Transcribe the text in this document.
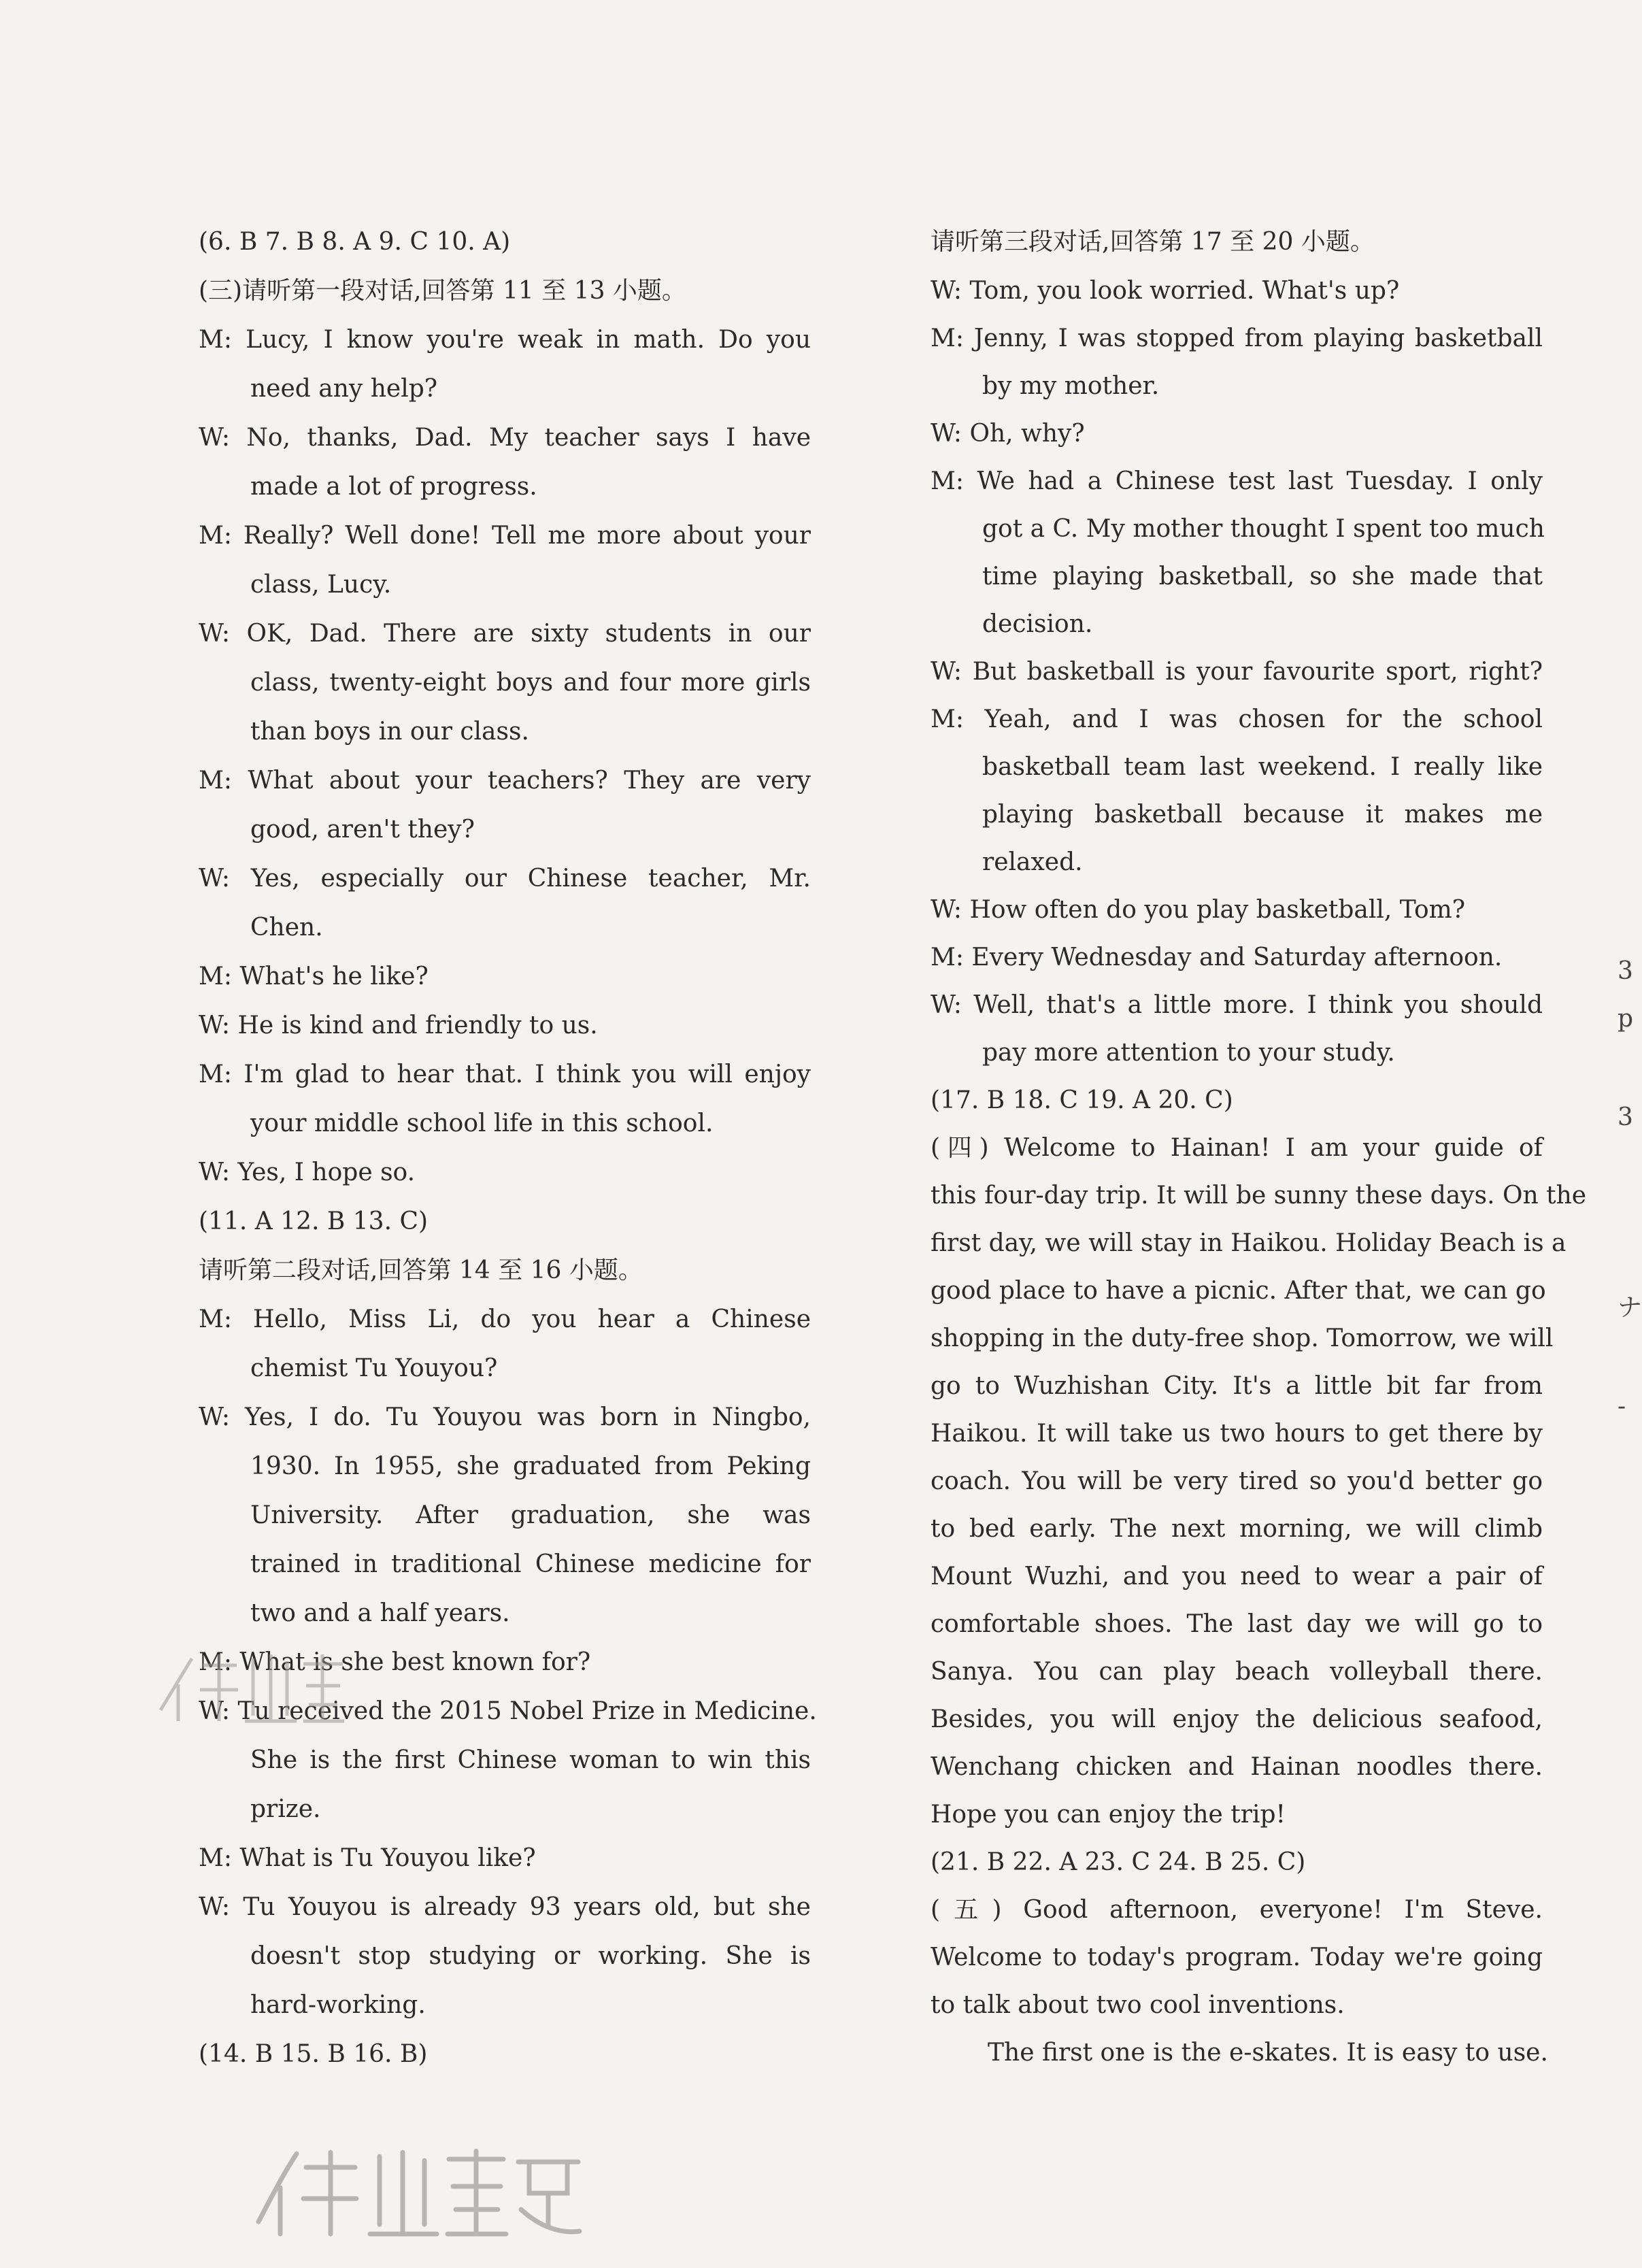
(6. B 7. B 8. A 9. C 10. A)
(三)请听第一段对话,回答第 11 至 13 小题。
M: Lucy, I know you're weak in math. Do you
need any help?
W: No, thanks, Dad. My teacher says I have
made a lot of progress.
M: Really? Well done! Tell me more about your
class, Lucy.
W: OK, Dad. There are sixty students in our
class, twenty-eight boys and four more girls
than boys in our class.
M: What about your teachers? They are very
good, aren't they?
W: Yes, especially our Chinese teacher, Mr.
Chen.
M: What's he like?
W: He is kind and friendly to us.
M: I'm glad to hear that. I think you will enjoy
your middle school life in this school.
W: Yes, I hope so.
(11. A 12. B 13. C)
请听第二段对话,回答第 14 至 16 小题。
M: Hello, Miss Li, do you hear a Chinese
chemist Tu Youyou?
W: Yes, I do. Tu Youyou was born in Ningbo,
1930. In 1955, she graduated from Peking
University. After graduation, she was
trained in traditional Chinese medicine for
two and a half years.
M: What is she best known for?
W: Tu received the 2015 Nobel Prize in Medicine.
She is the first Chinese woman to win this
prize.
M: What is Tu Youyou like?
W: Tu Youyou is already 93 years old, but she
doesn't stop studying or working. She is
hard-working.
(14. B 15. B 16. B)
请听第三段对话,回答第 17 至 20 小题。
W: Tom, you look worried. What's up?
M: Jenny, I was stopped from playing basketball
by my mother.
W: Oh, why?
M: We had a Chinese test last Tuesday. I only
got a C. My mother thought I spent too much
time playing basketball, so she made that
decision.
W: But basketball is your favourite sport, right?
M: Yeah, and I was chosen for the school
basketball team last weekend. I really like
playing basketball because it makes me
relaxed.
W: How often do you play basketball, Tom?
M: Every Wednesday and Saturday afternoon.
W: Well, that's a little more. I think you should
pay more attention to your study.
(17. B 18. C 19. A 20. C)
(四) Welcome to Hainan! I am your guide of
this four-day trip. It will be sunny these days. On the
first day, we will stay in Haikou. Holiday Beach is a
good place to have a picnic. After that, we can go
shopping in the duty-free shop. Tomorrow, we will
go to Wuzhishan City. It's a little bit far from
Haikou. It will take us two hours to get there by
coach. You will be very tired so you'd better go
to bed early. The next morning, we will climb
Mount Wuzhi, and you need to wear a pair of
comfortable shoes. The last day we will go to
Sanya. You can play beach volleyball there.
Besides, you will enjoy the delicious seafood,
Wenchang chicken and Hainan noodles there.
Hope you can enjoy the trip!
(21. B 22. A 23. C 24. B 25. C)
(五) Good afternoon, everyone! I'm Steve.
Welcome to today's program. Today we're going
to talk about two cool inventions.
The first one is the e-skates. It is easy to use.
3
p
3
ナ
-
